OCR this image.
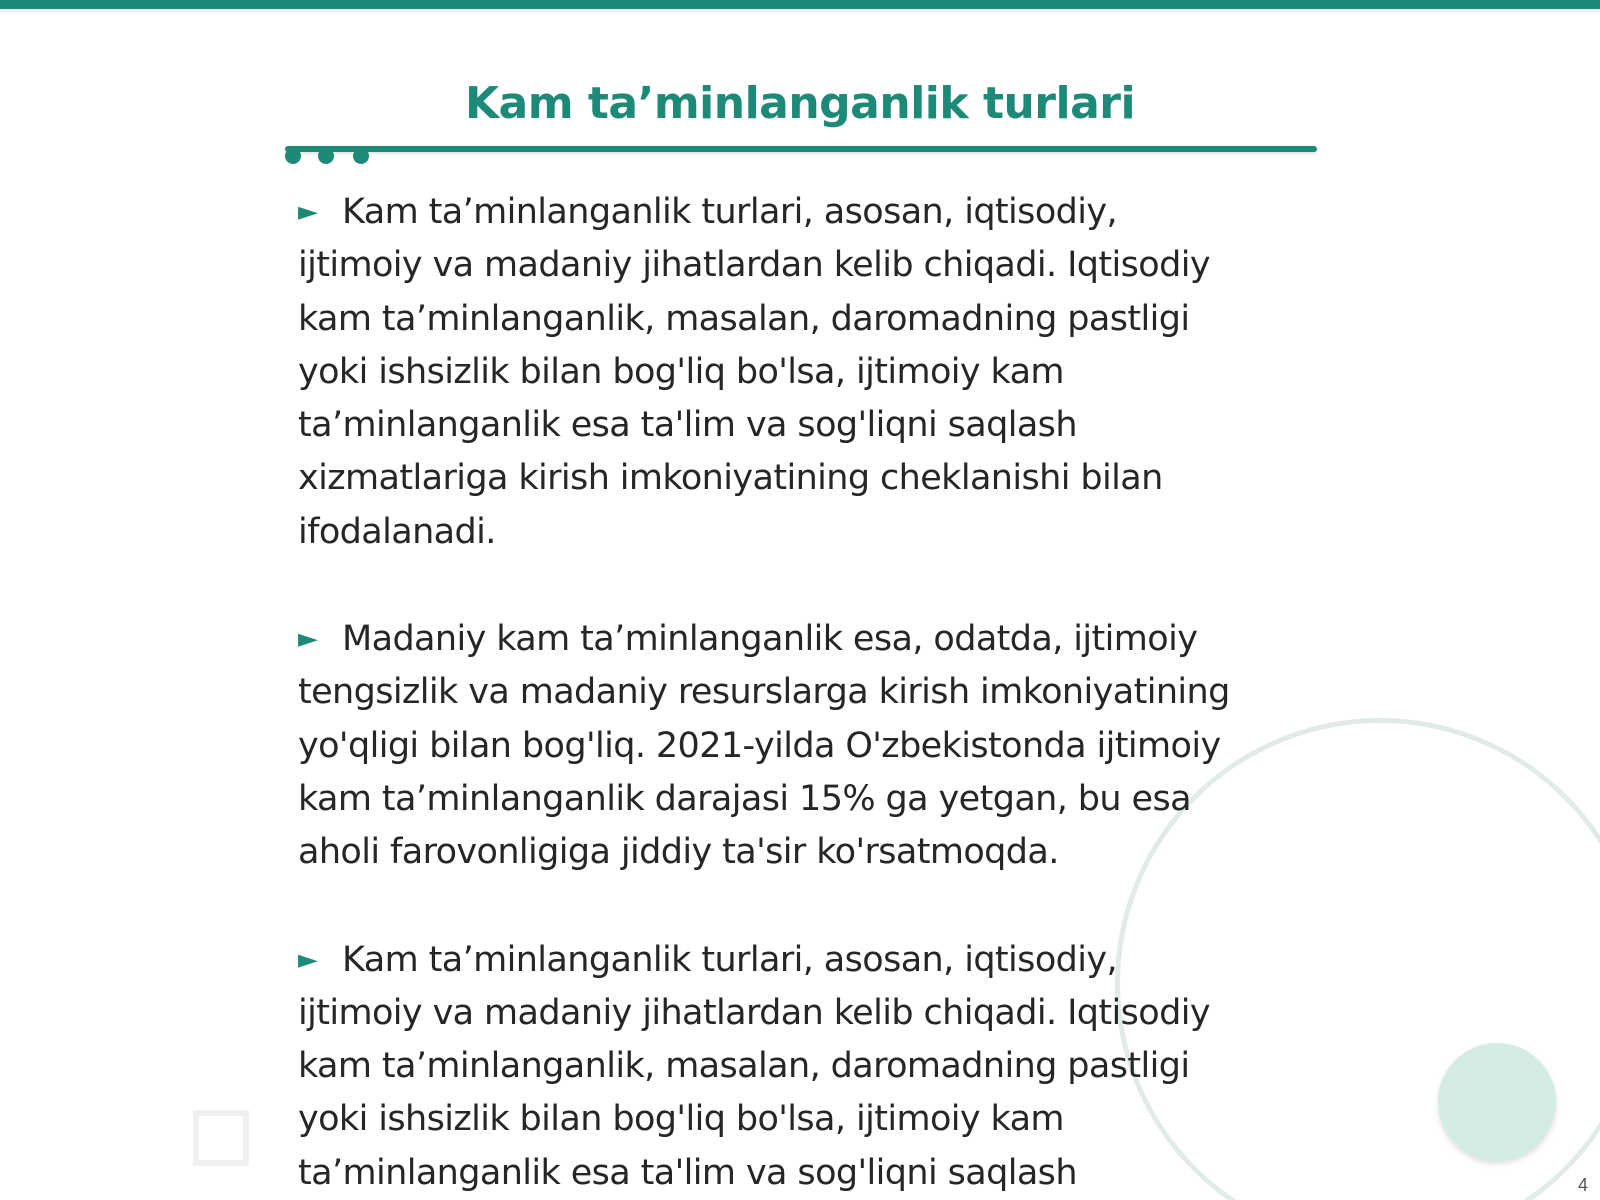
Kam ta’minlanganlik turlari
► Kam ta’minlanganlik turlari, asosan, iqtisodiy,
ijtimoiy va madaniy jihatlardan kelib chiqadi. Iqtisodiy
kam ta’minlanganlik, masalan, daromadning pastligi
yoki ishsizlik bilan bog'liq bo'lsa, ijtimoiy kam
ta’minlanganlik esa ta'lim va sog'liqni saqlash
xizmatlariga kirish imkoniyatining cheklanishi bilan
ifodalanadi.
► Madaniy kam ta’minlanganlik esa, odatda, ijtimoiy
tengsizlik va madaniy resurslarga kirish imkoniyatining
yo'qligi bilan bog'liq. 2021-yilda O'zbekistonda ijtimoiy
kam ta’minlanganlik darajasi 15% ga yetgan, bu esa
aholi farovonligiga jiddiy ta'sir ko'rsatmoqda.
► Kam ta’minlanganlik turlari, asosan, iqtisodiy,
ijtimoiy va madaniy jihatlardan kelib chiqadi. Iqtisodiy
kam ta’minlanganlik, masalan, daromadning pastligi
yoki ishsizlik bilan bog'liq bo'lsa, ijtimoiy kam
ta’minlanganlik esa ta'lim va sog'liqni saqlash	4
